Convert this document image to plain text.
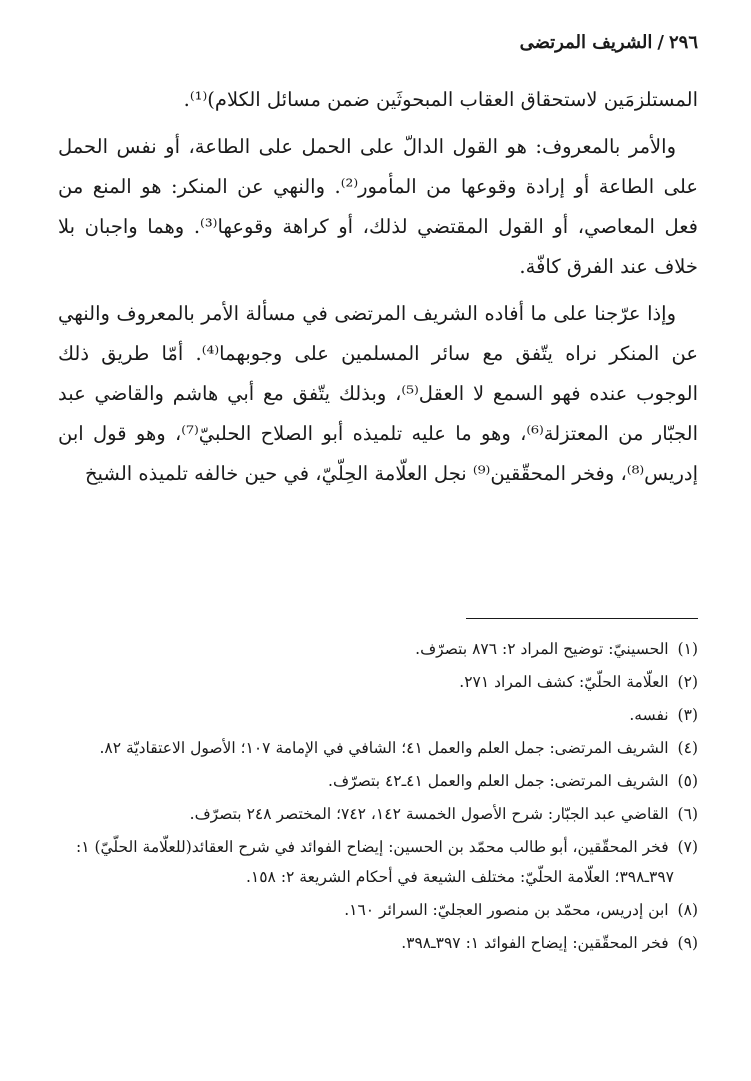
٢٩٦/الشريف المرتضى

المستلزمَين لاستحقاق العقاب المبحوثَين ضمن مسائل الكلام)⁽¹⁾.

والأمر بالمعروف: هو القول الدالّ على الحمل على الطاعة، أو نفس الحمل على الطاعة أو إرادة وقوعها من المأمور⁽²⁾. والنهي عن المنكر: هو المنع من فعل المعاصي، أو القول المقتضي لذلك، أو كراهة وقوعها⁽³⁾. وهما واجبان بلا خلاف عند الفرق كافّة.

وإذا عرّجنا على ما أفاده الشريف المرتضى في مسألة الأمر بالمعروف والنهي عن المنكر نراه يتّفق مع سائر المسلمين على وجوبهما⁽⁴⁾. أمّا طريق ذلك الوجوب عنده فهو السمع لا العقل⁽⁵⁾، وبذلك يتّفق مع أبي هاشم والقاضي عبد الجبّار من المعتزلة⁽⁶⁾، وهو ما عليه تلميذه أبو الصلاح الحلبيّ⁽⁷⁾، وهو قول ابن إدريس⁽⁸⁾، وفخر المحقّقين⁽⁹⁾ نجل العلّامة الحِلّيّ، في حين خالفه تلميذه الشيخ

(١) الحسينيّ: توضيح المراد ٢: ٨٧٦ بتصرّف.
(٢) العلّامة الحلّيّ: كشف المراد ٢٧١.
(٣) نفسه.
(٤) الشريف المرتضى: جمل العلم والعمل ٤١؛ الشافي في الإمامة ١٠٧؛ الأصول الاعتقاديّة ٨٢.
(٥) الشريف المرتضى: جمل العلم والعمل ٤١ـ٤٢ بتصرّف.
(٦) القاضي عبد الجبّار: شرح الأصول الخمسة ١٤٢، ٧٤٢؛ المختصر ٢٤٨ بتصرّف.
(٧) فخر المحقّقين، أبو طالب محمّد بن الحسين: إيضاح الفوائد في شرح العقائد(للعلّامة الحلّيّ) ١:
٣٩٧ـ٣٩٨؛ العلّامة الحلّيّ: مختلف الشيعة في أحكام الشريعة ٢: ١٥٨.
(٨) ابن إدريس، محمّد بن منصور العجليّ: السرائر ١٦٠.
(٩) فخر المحقّقين: إيضاح الفوائد ١: ٣٩٧ـ٣٩٨.
